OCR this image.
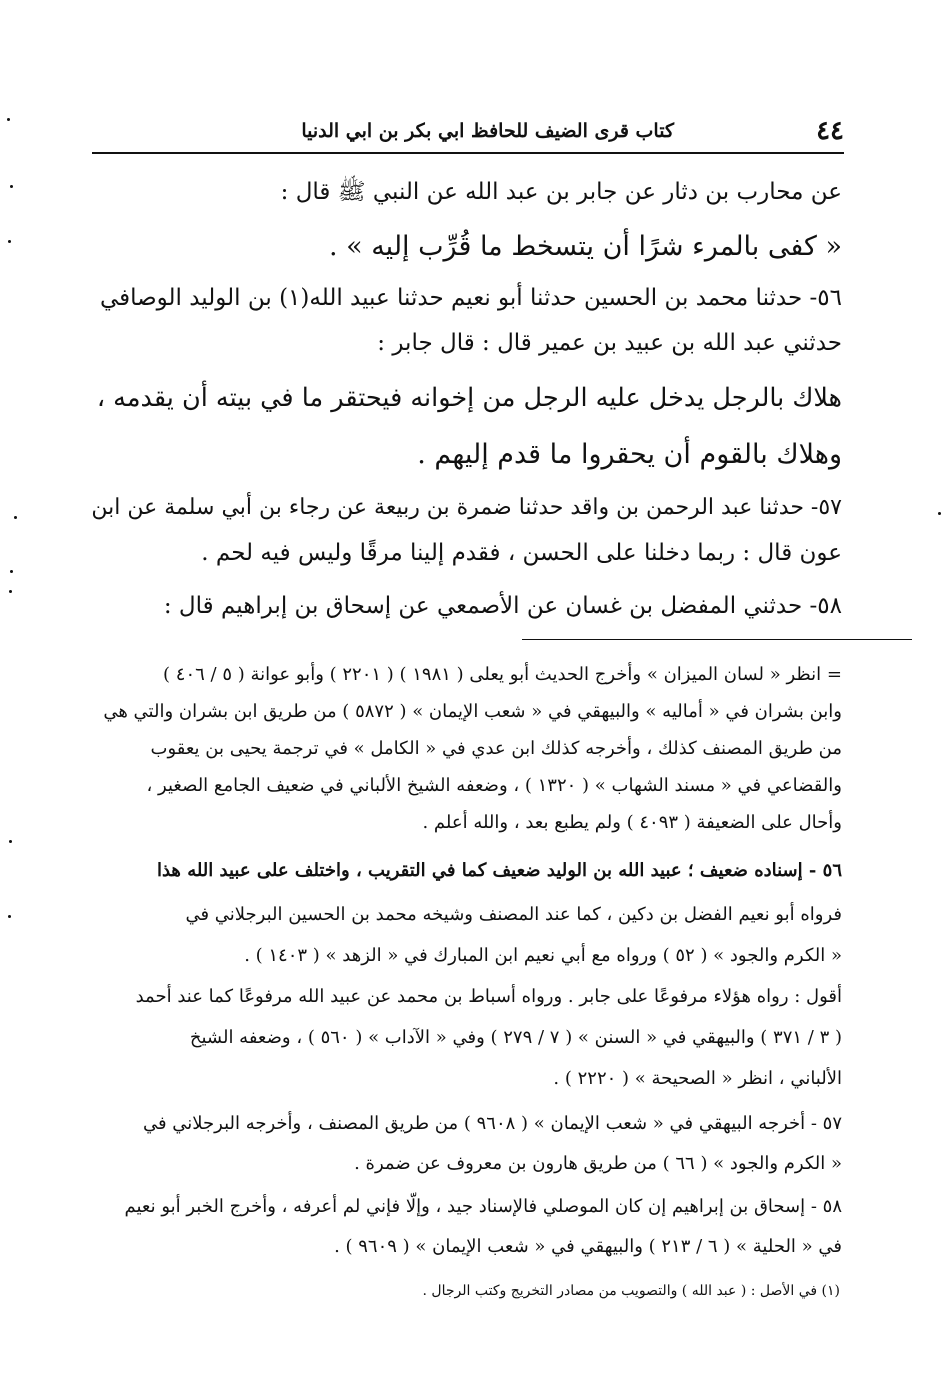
٤٤
كتاب قرى الضيف للحافظ ابي بكر بن ابي الدنيا
عن محارب بن دثار عن جابر بن عبد الله عن النبي ﷺ قال :
« كفى بالمرء شرًا أن يتسخط ما قُرِّب إليه » .
٥٦- حدثنا محمد بن الحسين حدثنا أبو نعيم حدثنا عبيد الله(١) بن الوليد الوصافي
حدثني عبد الله بن عبيد بن عمير قال : قال جابر :
هلاك بالرجل يدخل عليه الرجل من إخوانه فيحتقر ما في بيته أن يقدمه ،
وهلاك بالقوم أن يحقروا ما قدم إليهم .
٥٧- حدثنا عبد الرحمن بن واقد حدثنا ضمرة بن ربيعة عن رجاء بن أبي سلمة عن ابن
عون قال : ربما دخلنا على الحسن ، فقدم إلينا مرقًا وليس فيه لحم .
٥٨- حدثني المفضل بن غسان عن الأصمعي عن إسحاق بن إبراهيم قال :
= انظر « لسان الميزان » وأخرج الحديث أبو يعلى ( ١٩٨١ ) ( ٢٢٠١ ) وأبو عوانة ( ٥ / ٤٠٦ )
وابن بشران في « أماليه » والبيهقي في « شعب الإيمان » ( ٥٨٧٢ ) من طريق ابن بشران والتي هي
من طريق المصنف كذلك ، وأخرجه كذلك ابن عدي في « الكامل » في ترجمة يحيى بن يعقوب
والقضاعي في « مسند الشهاب » ( ١٣٢٠ ) ، وضعفه الشيخ الألباني في ضعيف الجامع الصغير ،
وأحال على الضعيفة ( ٤٠٩٣ ) ولم يطبع بعد ، والله أعلم .
٥٦ - إسناده ضعيف ؛ عبيد الله بن الوليد ضعيف كما في التقريب ، واختلف على عبيد الله هذا
فرواه أبو نعيم الفضل بن دكين ، كما عند المصنف وشيخه محمد بن الحسين البرجلاني في
« الكرم والجود » ( ٥٢ ) ورواه مع أبي نعيم ابن المبارك في « الزهد » ( ١٤٠٣ ) .
أقول : رواه هؤلاء مرفوعًا على جابر . ورواه أسباط بن محمد عن عبيد الله مرفوعًا كما عند أحمد
( ٣ / ٣٧١ ) والبيهقي في « السنن » ( ٧ / ٢٧٩ ) وفي « الآداب » ( ٥٦٠ ) ، وضعفه الشيخ
الألباني ، انظر « الصحيحة » ( ٢٢٢٠ ) .
٥٧ - أخرجه البيهقي في « شعب الإيمان » ( ٩٦٠٨ ) من طريق المصنف ، وأخرجه البرجلاني في
« الكرم والجود » ( ٦٦ ) من طريق هارون بن معروف عن ضمرة .
٥٨ - إسحاق بن إبراهيم إن كان الموصلي فالإسناد جيد ، وإلّا فإني لم أعرفه ، وأخرج الخبر أبو نعيم
في « الحلية » ( ٦ / ٢١٣ ) والبيهقي في « شعب الإيمان » ( ٩٦٠٩ ) .
(١) في الأصل : ( عبد الله ) والتصويب من مصادر التخريج وكتب الرجال .
